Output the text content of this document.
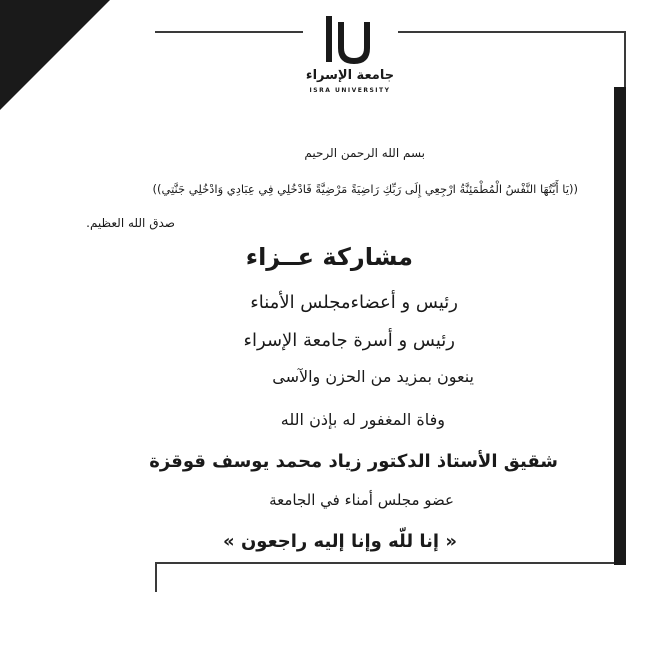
جامعة الإسراء
ISRA UNIVERSITY
بسم الله الرحمن الرحيم
((يَا أَيَّتُهَا النَّفْسُ الْمُطْمَئِنَّةُ ارْجِعِي إِلَى رَبِّكِ رَاضِيَةً مَرْضِيَّةً فَادْخُلِي فِي عِبَادِي وَادْخُلِي جَنَّتِي))
صدق الله العظيم.
مشاركة عــزاء
رئيس و أعضاءمجلس الأمناء
رئيس و أسرة جامعة الإسراء
ينعون بمزيد من الحزن والآسى
وفاة المغفور له بإذن الله
شقيق الأستاذ الدكتور زياد محمد يوسف قوقزة
عضو مجلس أمناء في الجامعة
« إنا للّه وإنا إليه راجعون »
